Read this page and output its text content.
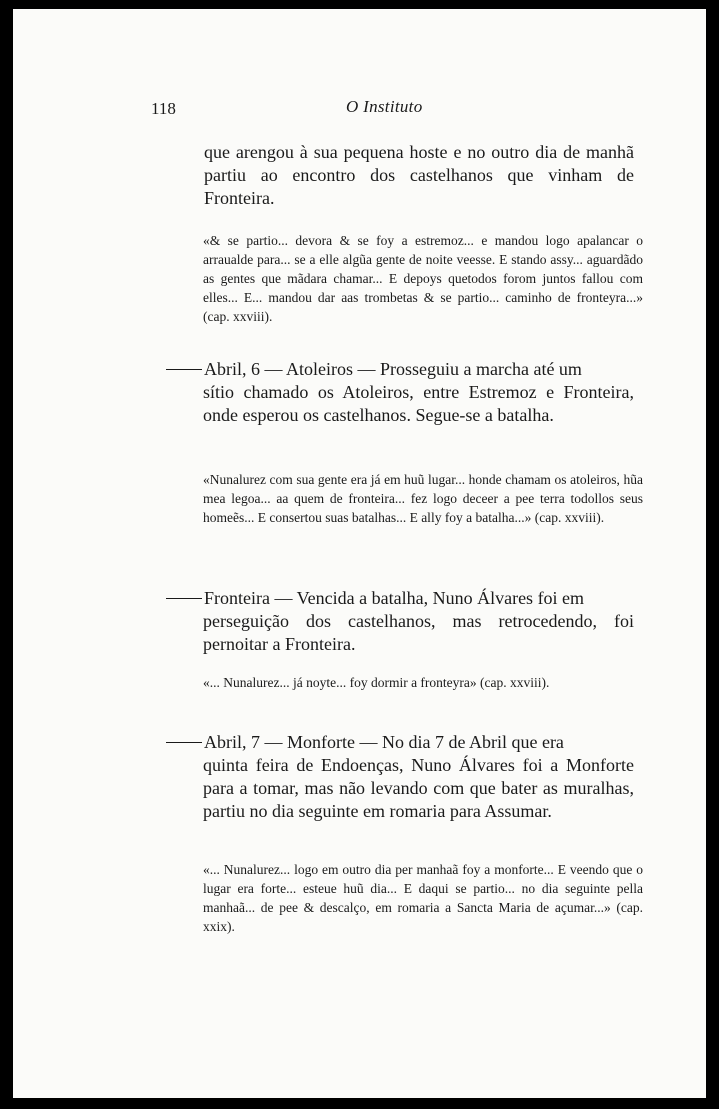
118	O Instituto
que arengou à sua pequena hoste e no outro dia de manhã partiu ao encontro dos castelhanos que vinham de Fronteira.
«& se partio... devora & se foy a estremoz... e mandou logo apalancar o arraualde para... se a elle algũa gente de noite veesse. E stando assy... aguardãdo as gentes que mãdara chamar... E depoys quetodos forom juntos fallou com elles... E... mandou dar aas trombetas & se partio... caminho de fronteyra...» (cap. xxviii).
Abril, 6 — Atoleiros — Prosseguiu a marcha até um
sítio chamado os Atoleiros, entre Estremoz e Fronteira, onde esperou os castelhanos. Segue-se a batalha.
«Nunalurez com sua gente era já em huũ lugar... honde chamam os atoleiros, hũa mea legoa... aa quem de fronteira... fez logo deceer a pee terra todollos seus homeẽs... E consertou suas batalhas... E ally foy a batalha...» (cap. xxviii).
Fronteira — Vencida a batalha, Nuno Álvares foi em
perseguição dos castelhanos, mas retrocedendo, foi pernoitar a Fronteira.
«... Nunalurez... já noyte... foy dormir a fronteyra» (cap. xxviii).
Abril, 7 — Monforte — No dia 7 de Abril que era
quinta feira de Endoenças, Nuno Álvares foi a Monforte para a tomar, mas não levando com que bater as muralhas, partiu no dia seguinte em romaria para Assumar.
«... Nunalurez... logo em outro dia per manhaã foy a monforte... E veendo que o lugar era forte... esteue huũ dia... E daqui se partio... no dia seguinte pella manhaã... de pee & descalço, em romaria a Sancta Maria de açumar...» (cap. xxix).
